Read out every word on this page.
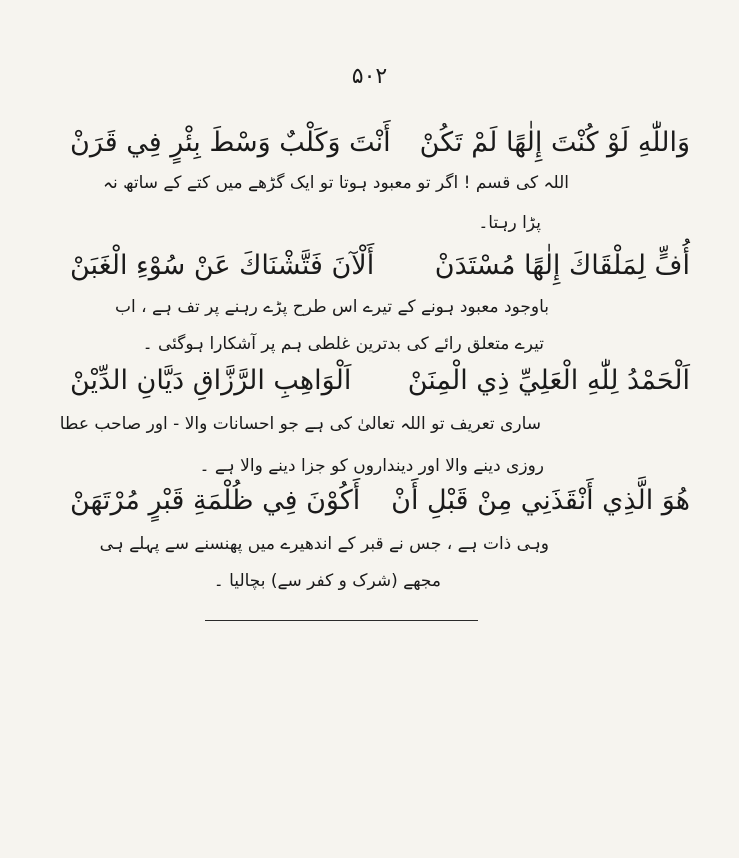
۵۰۲
وَاللّٰهِ لَوْ كُنْتَ إِلٰهًا لَمْ تَكُنْ
أَنْتَ وَكَلْبٌ وَسْطَ بِئْرٍ فِي قَرَنْ
اللہ کی قسم ! اگر تو معبود ہوتا تو ایک گڑھے میں کتے کے ساتھ نہ
پڑا رہتا۔
أُفٍّ لِمَلْقَاكَ إِلٰهًا مُسْتَدَنْ
أَلْآنَ فَتَّشْنَاكَ عَنْ سُوْءِ الْغَبَنْ
باوجود معبود ہونے کے تیرے اس طرح پڑے رہنے پر تف ہے ، اب
تیرے متعلق رائے کی بدترین غلطی ہم پر آشکارا ہوگئی ۔
اَلْحَمْدُ لِلّٰهِ الْعَلِيِّ ذِي الْمِنَنْ
اَلْوَاهِبِ الرَّزَّاقِ دَيَّانِ الدِّيْنْ
ساری تعریف تو اللہ تعالیٰ کی ہے جو احسانات والا - اور صاحب عطا
روزی دینے والا اور دینداروں کو جزا دینے والا ہے ۔
هُوَ الَّذِي أَنْقَذَنِي مِنْ قَبْلِ أَنْ
أَكُوْنَ فِي ظُلْمَةِ قَبْرٍ مُرْتَهَنْ
وہی ذات ہے ، جس نے قبر کے اندھیرے میں پھنسنے سے پہلے ہی
مجھے (شرک و کفر سے) بچالیا ۔
